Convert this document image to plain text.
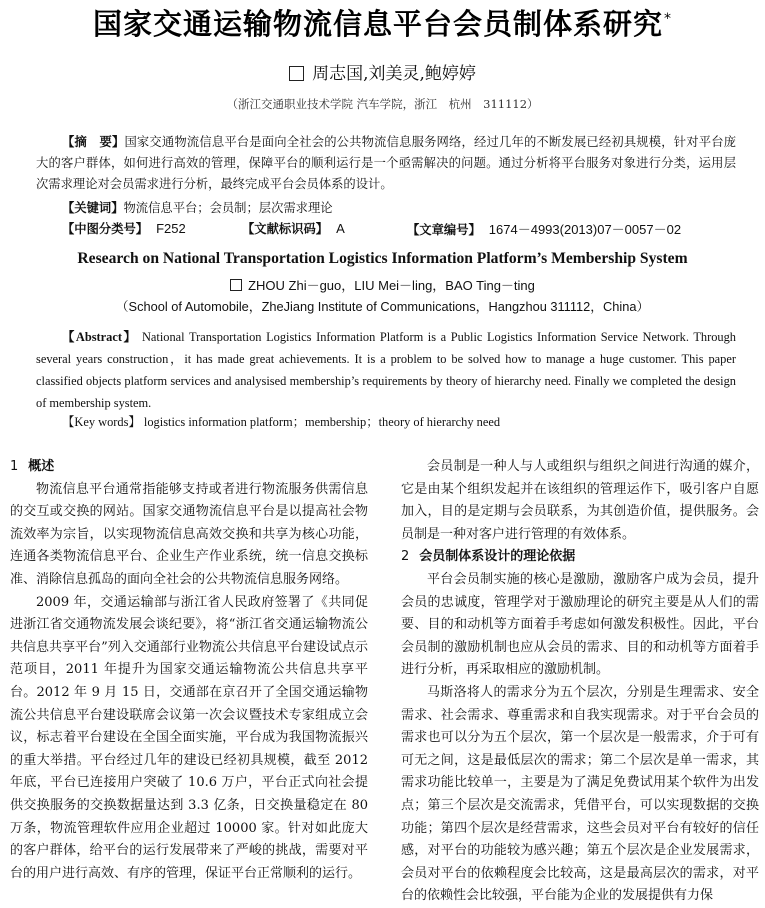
国家交通运输物流信息平台会员制体系研究*
周志国,刘美灵,鲍婷婷
（浙江交通职业技术学院 汽车学院，浙江　杭州　311112）
【摘　要】国家交通物流信息平台是面向全社会的公共物流信息服务网络，经过几年的不断发展已经初具规模，针对平台庞大的客户群体，如何进行高效的管理，保障平台的顺利运行是一个亟需解决的问题。通过分析将平台服务对象进行分类，运用层次需求理论对会员需求进行分析，最终完成平台会员体系的设计。
【关键词】物流信息平台；会员制；层次需求理论
【中图分类号】 F252	【文献标识码】 A	【文章编号】 1674－4993(2013)07－0057－02
Research on National Transportation Logistics Information Platform’s Membership System
ZHOU Zhi－guo，LIU Mei－ling，BAO Ting－ting
（School of Automobile，ZheJiang Institute of Communications，Hangzhou 311112，China）
【Abstract】 National Transportation Logistics Information Platform is a Public Logistics Information Service Network. Through several years construction，it has made great achievements. It is a problem to be solved how to manage a huge customer. This paper classified objects platform services and analysised membership’s requirements by theory of hierarchy need. Finally we completed the design of membership system.
【Key words】 logistics information platform；membership；theory of hierarchy need
1 概述

物流信息平台通常指能够支持或者进行物流服务供需信息的交互或交换的网站。国家交通物流信息平台是以提高社会物流效率为宗旨，以实现物流信息高效交换和共享为核心功能，连通各类物流信息平台、企业生产作业系统，统一信息交换标准、消除信息孤岛的面向全社会的公共物流信息服务网络。

2009 年，交通运输部与浙江省人民政府签署了《共同促进浙江省交通物流发展会谈纪要》，将“浙江省交通运输物流公共信息共享平台”列入交通部行业物流公共信息平台建设试点示范项目，2011 年提升为国家交通运输物流公共信息共享平台。2012 年 9 月 15 日，交通部在京召开了全国交通运输物流公共信息平台建设联席会议第一次会议暨技术专家组成立会议，标志着平台建设在全国全面实施，平台成为我国物流振兴的重大举措。平台经过几年的建设已经初具规模，截至 2012 年底，平台已连接用户突破了 10.6 万户，平台正式向社会提供交换服务的交换数据量达到 3.3 亿条，日交换量稳定在 80 万条，物流管理软件应用企业超过 10000 家。针对如此庞大的客户群体，给平台的运行发展带来了严峻的挑战，需要对平台的用户进行高效、有序的管理，保证平台正常顺利的运行。

会员制是一种人与人或组织与组织之间进行沟通的媒介，它是由某个组织发起并在该组织的管理运作下，吸引客户自愿加入，目的是定期与会员联系，为其创造价值，提供服务。会员制是一种对客户进行管理的有效体系。

2 会员制体系设计的理论依据

平台会员制实施的核心是激励，激励客户成为会员，提升会员的忠诚度，管理学对于激励理论的研究主要是从人们的需要、目的和动机等方面着手考虑如何激发积极性。因此，平台会员制的激励机制也应从会员的需求、目的和动机等方面着手进行分析，再采取相应的激励机制。

马斯洛将人的需求分为五个层次，分别是生理需求、安全需求、社会需求、尊重需求和自我实现需求。对于平台会员的需求也可以分为五个层次，第一个层次是一般需求，介于可有可无之间，这是最低层次的需求；第二个层次是单一需求，其需求功能比较单一，主要是为了满足免费试用某个软件为出发点；第三个层次是交流需求，凭借平台，可以实现数据的交换功能；第四个层次是经营需求，这些会员对平台有较好的信任感，对平台的功能较为感兴趣；第五个层次是企业发展需求，会员对平台的依赖程度会比较高，这是最高层次的需求，对平台的依赖性会比较强，平台能为企业的发展提供有力保
